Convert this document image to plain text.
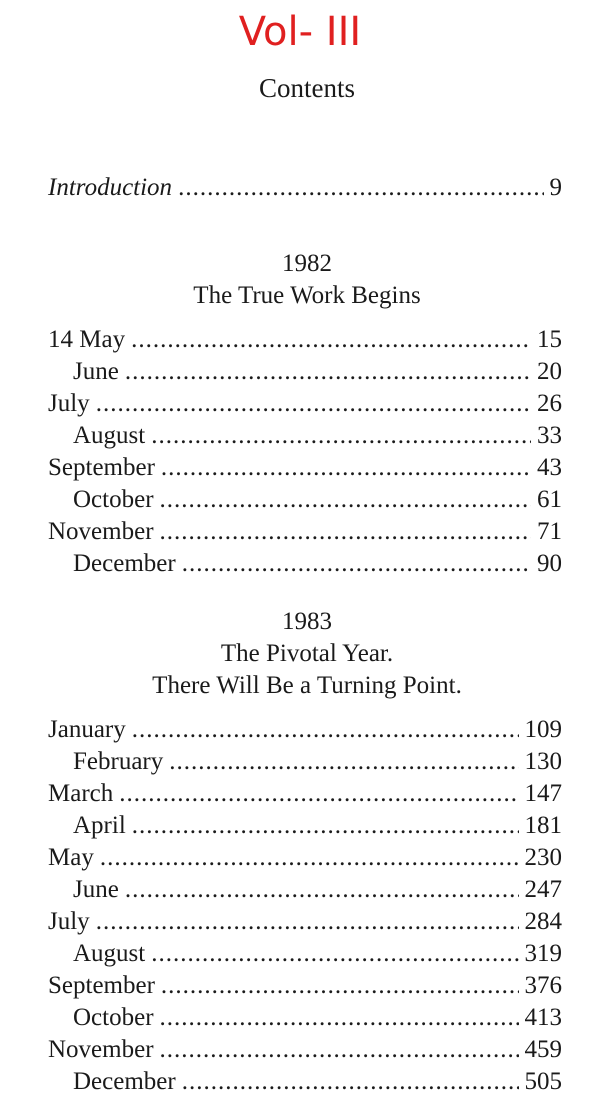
Vol- III
Contents
Introduction .....	9
1982
The True Work Begins
14 May .....	15
June .....	20
July .....	26
August .....	33
September .....	43
October .....	61
November .....	71
December .....	90
1983
The Pivotal Year.
There Will Be a Turning Point.
January .....	109
February .....	130
March .....	147
April .....	181
May .....	230
June .....	247
July .....	284
August .....	319
September .....	376
October .....	413
November .....	459
December .....	505
